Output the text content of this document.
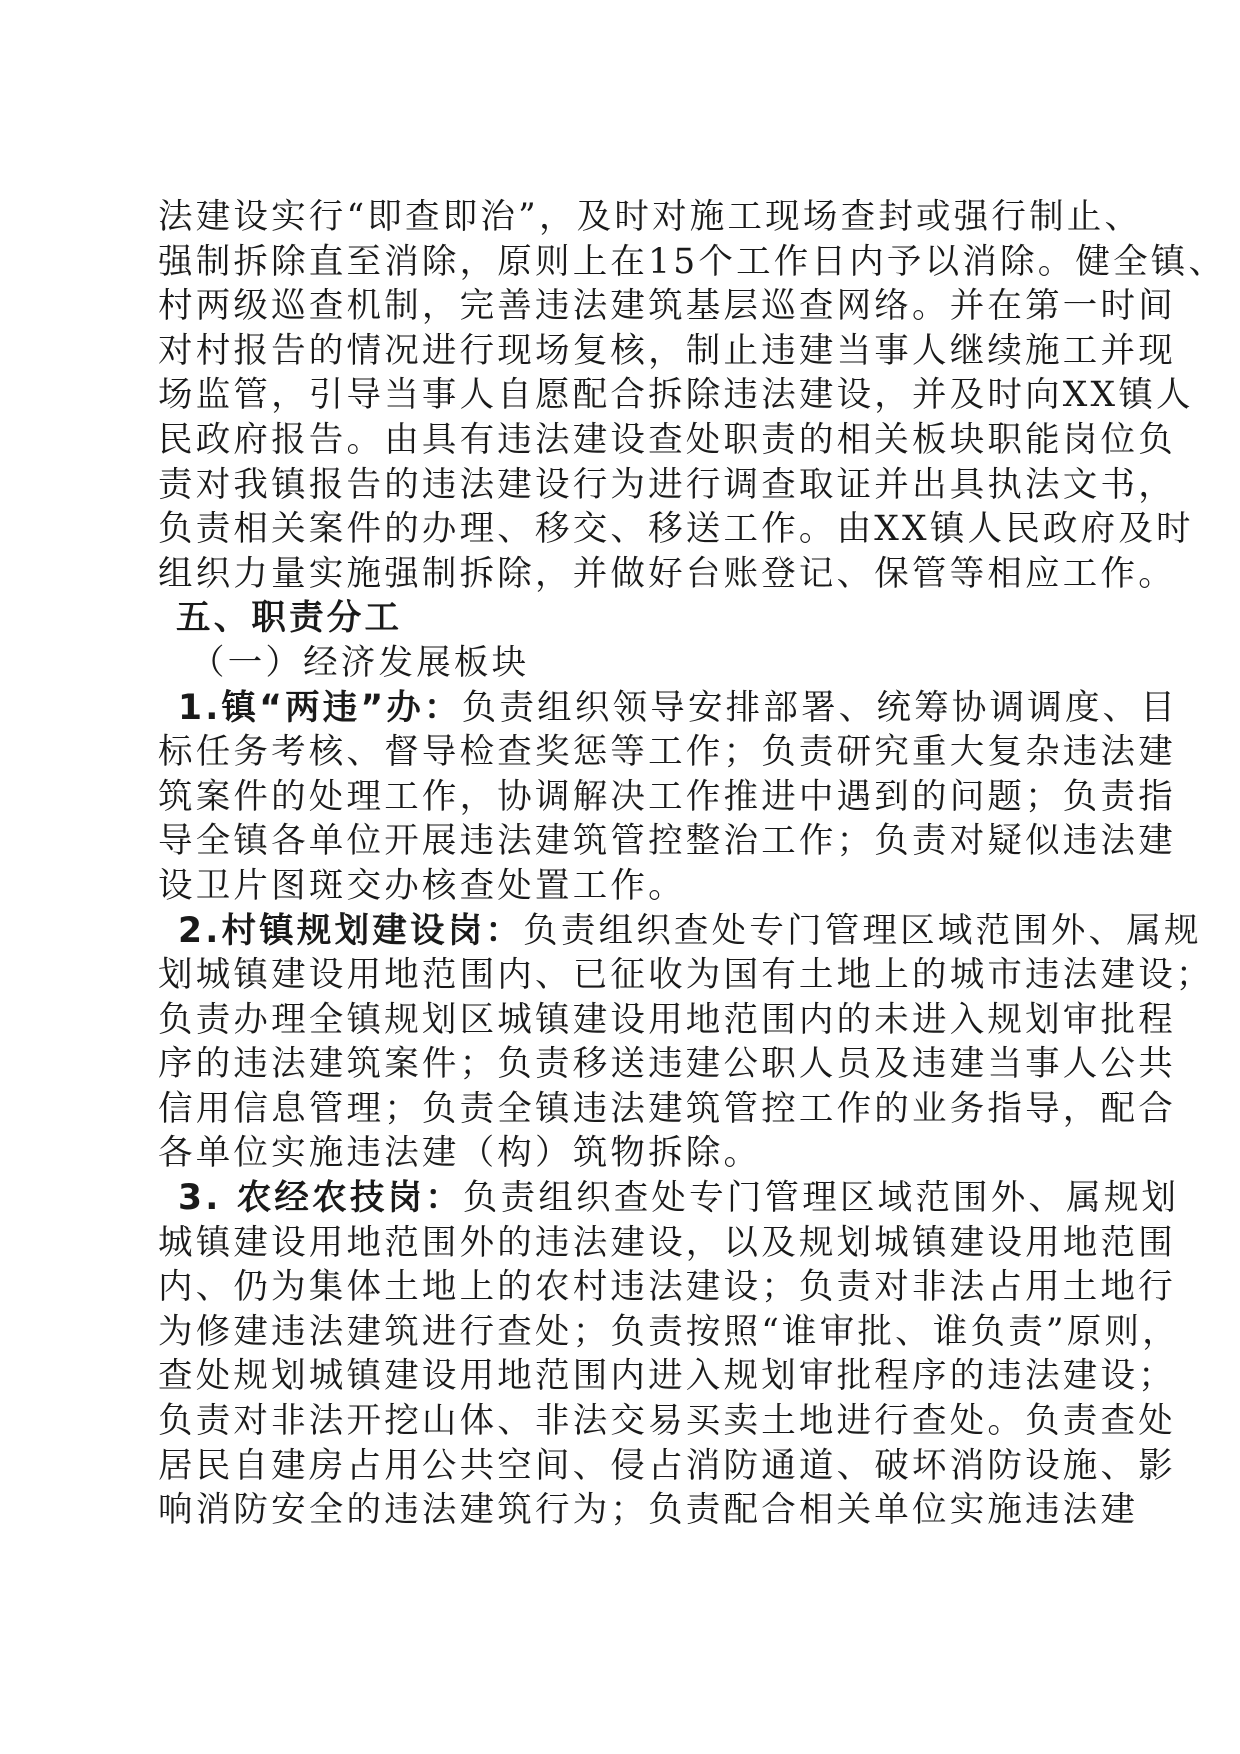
法建设实行“即查即治”，及时对施工现场查封或强行制止、
强制拆除直至消除，原则上在15个工作日内予以消除。健全镇、
村两级巡查机制，完善违法建筑基层巡查网络。并在第一时间
对村报告的情况进行现场复核，制止违建当事人继续施工并现
场监管，引导当事人自愿配合拆除违法建设，并及时向XX镇人
民政府报告。由具有违法建设查处职责的相关板块职能岗位负
责对我镇报告的违法建设行为进行调查取证并出具执法文书，
负责相关案件的办理、移交、移送工作。由XX镇人民政府及时
组织力量实施强制拆除，并做好台账登记、保管等相应工作。
五、职责分工
（一）经济发展板块
1.镇“两违”办：负责组织领导安排部署、统筹协调调度、目
标任务考核、督导检查奖惩等工作；负责研究重大复杂违法建
筑案件的处理工作，协调解决工作推进中遇到的问题；负责指
导全镇各单位开展违法建筑管控整治工作；负责对疑似违法建
设卫片图斑交办核查处置工作。
2.村镇规划建设岗：负责组织查处专门管理区域范围外、属规
划城镇建设用地范围内、已征收为国有土地上的城市违法建设；
负责办理全镇规划区城镇建设用地范围内的未进入规划审批程
序的违法建筑案件；负责移送违建公职人员及违建当事人公共
信用信息管理；负责全镇违法建筑管控工作的业务指导，配合
各单位实施违法建（构）筑物拆除。
3. 农经农技岗：负责组织查处专门管理区域范围外、属规划
城镇建设用地范围外的违法建设，以及规划城镇建设用地范围
内、仍为集体土地上的农村违法建设；负责对非法占用土地行
为修建违法建筑进行查处；负责按照“谁审批、谁负责”原则，
查处规划城镇建设用地范围内进入规划审批程序的违法建设；
负责对非法开挖山体、非法交易买卖土地进行查处。负责查处
居民自建房占用公共空间、侵占消防通道、破坏消防设施、影
响消防安全的违法建筑行为；负责配合相关单位实施违法建
